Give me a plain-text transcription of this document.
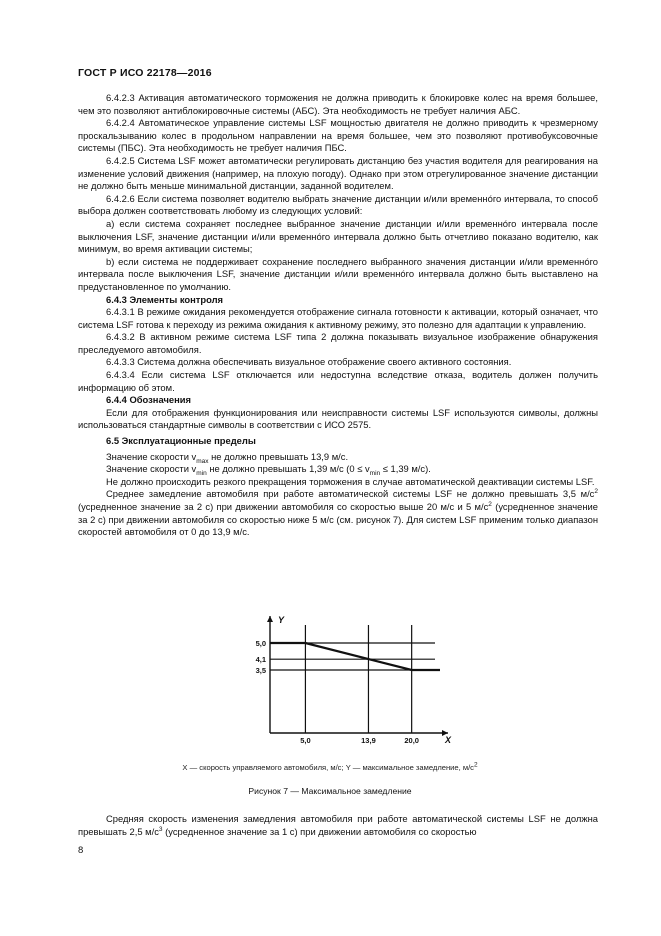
ГОСТ Р ИСО 22178—2016

6.4.2.3 Активация автоматического торможения не должна приводить к блокировке колес на время большее, чем это позволяют антиблокировочные системы (АБС). Эта необходимость не требует наличия АБС.

6.4.2.4 Автоматическое управление системы LSF мощностью двигателя не должно приводить к чрезмерному проскальзыванию колес в продольном направлении на время большее, чем это позволяют противобуксовочные системы (ПБС). Эта необходимость не требует наличия ПБС.

6.4.2.5 Система LSF может автоматически регулировать дистанцию без участия водителя для реагирования на изменение условий движения (например, на плохую погоду). Однако при этом отрегулированное значение дистанции не должно быть меньше минимальной дистанции, заданной водителем.

6.4.2.6 Если система позволяет водителю выбрать значение дистанции и/или временнóго интервала, то способ выбора должен соответствовать любому из следующих условий:

a) если система сохраняет последнее выбранное значение дистанции и/или временнóго интервала после выключения LSF, значение дистанции и/или временнóго интервала должно быть отчетливо показано водителю, как минимум, во время активации системы;

b) если система не поддерживает сохранение последнего выбранного значения дистанции и/или временнóго интервала после выключения LSF, значение дистанции и/или временнóго интервала должно быть выставлено на предустановленное по умолчанию.

6.4.3 Элементы контроля

6.4.3.1 В режиме ожидания рекомендуется отображение сигнала готовности к активации, который означает, что система LSF готова к переходу из режима ожидания к активному режиму, это полезно для адаптации к управлению.

6.4.3.2 В активном режиме система LSF типа 2 должна показывать визуальное изображение обнаружения преследуемого автомобиля.

6.4.3.3 Система должна обеспечивать визуальное отображение своего активного состояния.

6.4.3.4 Если система LSF отключается или недоступна вследствие отказа, водитель должен получить информацию об этом.

6.4.4 Обозначения

Если для отображения функционирования или неисправности системы LSF используются символы, должны использоваться стандартные символы в соответствии с ИСО 2575.

6.5 Эксплуатационные пределы

Значение скорости $v_{max}$ не должно превышать 13,9 м/с.

Значение скорости $v_{min}$ не должно превышать 1,39 м/с ($0 \le v_{min} \le 1,39$ м/с).

Не должно происходить резкого прекращения торможения в случае автоматической деактивации системы LSF.

Среднее замедление автомобиля при работе автоматической системы LSF не должно превышать 3,5 $м/с^2$ (усредненное значение за 2 с) при движении автомобиля со скоростью выше 20 м/с и 5 $м/с^2$ (усредненное значение за 2 с) при движении автомобиля со скоростью ниже 5 м/с (см. рисунок 7). Для систем LSF применим только диапазон скоростей автомобиля от 0 до 13,9 м/с.

5,0	13,9	20,0
5,0
4,1
3,5
X
Y
X — скорость управляемого автомобиля, м/с; Y — максимальное замедление, $м/с^2$
Рисунок 7 — Максимальное замедление

Средняя скорость изменения замедления автомобиля при работе автоматической системы LSF не должна превышать 2,5 $м/с^3$ (усредненное значение за 1 с) при движении автомобиля со скоростью

8
